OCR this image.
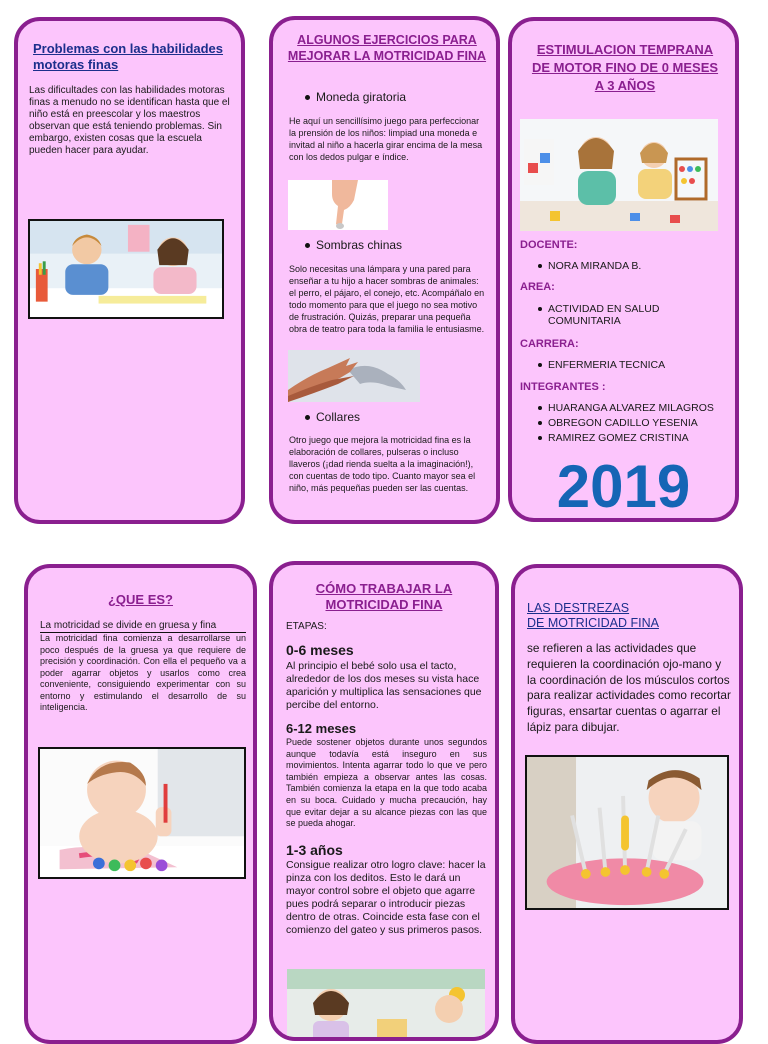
Problemas con las habilidades motoras finas
Las dificultades con las habilidades motoras finas a menudo no se identifican hasta que el niño está en preescolar y los maestros observan que está teniendo problemas. Sin embargo, existen cosas que la escuela pueden hacer para ayudar.
ALGUNOS EJERCICIOS PARA MEJORAR LA MOTRICIDAD FINA
Moneda giratoria
He aquí un sencillísimo juego para perfeccionar la prensión de los niños: limpiad una moneda e invitad al niño a hacerla girar encima de la mesa con los dedos pulgar e índice.
Sombras chinas
Solo necesitas una lámpara y una pared para enseñar a tu hijo a hacer sombras de animales: el perro, el pájaro, el conejo, etc. Acompáñalo en todo momento para que el juego no sea motivo de frustración. Quizás, preparar una pequeña obra de teatro para toda la familia le entusiasme.
Collares
Otro juego que mejora la motricidad fina es la elaboración de collares, pulseras o incluso llaveros (¡dad rienda suelta a la imaginación!), con cuentas de todo tipo. Cuanto mayor sea el niño, más pequeñas pueden ser las cuentas.
ESTIMULACION TEMPRANA DE MOTOR FINO DE 0 MESES A 3 AÑOS
DOCENTE:
NORA MIRANDA B.
AREA:
ACTIVIDAD EN SALUD COMUNITARIA
CARRERA:
ENFERMERIA TECNICA
INTEGRANTES :
HUARANGA ALVAREZ MILAGROS
OBREGON CADILLO YESENIA
RAMIREZ GOMEZ CRISTINA
2019
¿QUE ES?
La motricidad se divide en gruesa y fina
La motricidad fina comienza a desarrollarse un poco después de la gruesa ya que requiere de precisión y coordinación. Con ella el pequeño va a poder agarrar objetos y usarlos como crea conveniente, consiguiendo experimentar con su entorno y estimulando el desarrollo de su inteligencia.
CÓMO TRABAJAR LA MOTRICIDAD FINA
ETAPAS:
0-6 meses
Al principio el bebé solo usa el tacto, alrededor de los dos meses su vista hace aparición y multiplica las sensaciones que percibe del entorno.
6-12 meses
Puede sostener objetos durante unos segundos aunque todavía está inseguro en sus movimientos. Intenta agarrar todo lo que ve pero también empieza a observar antes las cosas. También comienza la etapa en la que todo acaba en su boca. Cuidado y mucha precaución, hay que evitar dejar a su alcance piezas con las que se pueda ahogar.
1-3 años
Consigue realizar otro logro clave: hacer la pinza con los deditos. Esto le dará un mayor control sobre el objeto que agarre pues podrá separar o introducir piezas dentro de otras. Coincide esta fase con el comienzo del gateo y sus primeros pasos.
LAS DESTREZAS
DE MOTRICIDAD FINA
se refieren a las actividades que requieren la coordinación ojo-mano y la coordinación de los músculos cortos para realizar actividades como recortar figuras, ensartar cuentas o agarrar el lápiz para dibujar.
